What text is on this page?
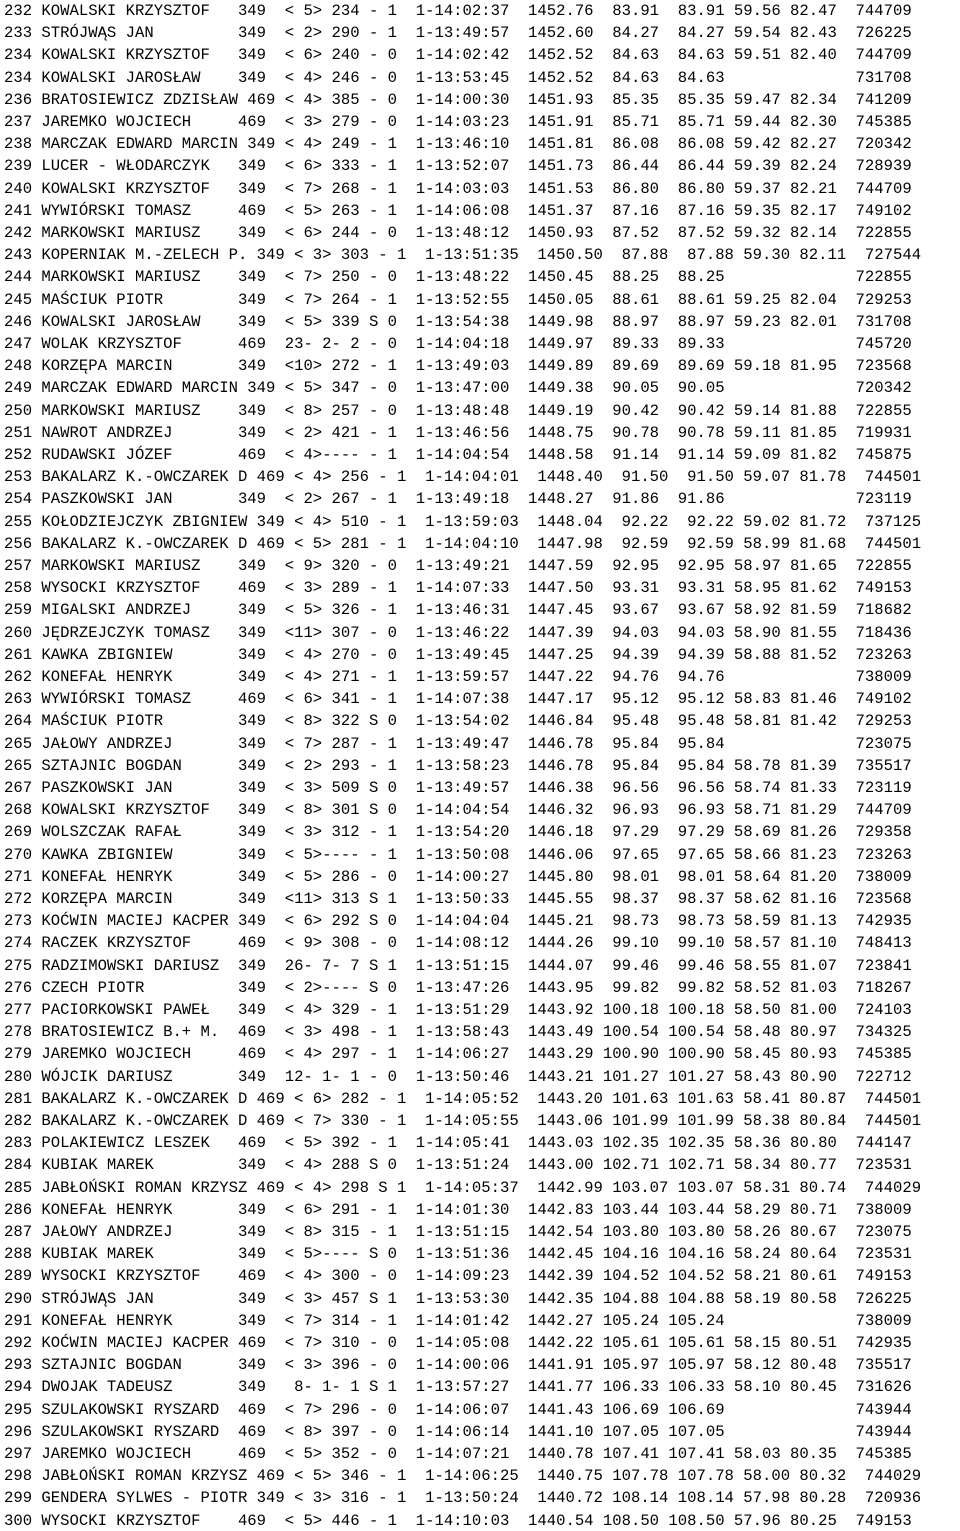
232 KOWALSKI KRZYSZTOF   349  < 5> 234 - 1  1-14:02:37  1452.76  83.91  83.91 59.56 82.47  744709
233 STRÓJWĄS JAN         349  < 2> 290 - 1  1-13:49:57  1452.60  84.27  84.27 59.54 82.43  726225
234 KOWALSKI KRZYSZTOF   349  < 6> 240 - 0  1-14:02:42  1452.52  84.63  84.63 59.51 82.40  744709
234 KOWALSKI JAROSŁAW    349  < 4> 246 - 0  1-13:53:45  1452.52  84.63  84.63              731708
236 BRATOSIEWICZ ZDZISŁAW 469 < 4> 385 - 0  1-14:00:30  1451.93  85.35  85.35 59.47 82.34  741209
237 JAREMKO WOJCIECH     469  < 3> 279 - 0  1-14:03:23  1451.91  85.71  85.71 59.44 82.30  745385
238 MARCZAK EDWARD MARCIN 349 < 4> 249 - 1  1-13:46:10  1451.81  86.08  86.08 59.42 82.27  720342
239 LUCER - WŁODARCZYK   349  < 6> 333 - 1  1-13:52:07  1451.73  86.44  86.44 59.39 82.24  728939
240 KOWALSKI KRZYSZTOF   349  < 7> 268 - 1  1-14:03:03  1451.53  86.80  86.80 59.37 82.21  744709
241 WYWIÓRSKI TOMASZ     469  < 5> 263 - 1  1-14:06:08  1451.37  87.16  87.16 59.35 82.17  749102
242 MARKOWSKI MARIUSZ    349  < 6> 244 - 0  1-13:48:12  1450.93  87.52  87.52 59.32 82.14  722855
243 KOPERNIAK M.-ZELECH P. 349 < 3> 303 - 1  1-13:51:35  1450.50  87.88  87.88 59.30 82.11  727544
244 MARKOWSKI MARIUSZ    349  < 7> 250 - 0  1-13:48:22  1450.45  88.25  88.25              722855
245 MAŚCIUK PIOTR        349  < 7> 264 - 1  1-13:52:55  1450.05  88.61  88.61 59.25 82.04  729253
246 KOWALSKI JAROSŁAW    349  < 5> 339 S 0  1-13:54:38  1449.98  88.97  88.97 59.23 82.01  731708
247 WOLAK KRZYSZTOF      469  23- 2- 2 - 0  1-14:04:18  1449.97  89.33  89.33              745720
248 KORZĘPA MARCIN       349  <10> 272 - 1  1-13:49:03  1449.89  89.69  89.69 59.18 81.95  723568
249 MARCZAK EDWARD MARCIN 349 < 5> 347 - 0  1-13:47:00  1449.38  90.05  90.05              720342
250 MARKOWSKI MARIUSZ    349  < 8> 257 - 0  1-13:48:48  1449.19  90.42  90.42 59.14 81.88  722855
251 NAWROT ANDRZEJ       349  < 2> 421 - 1  1-13:46:56  1448.75  90.78  90.78 59.11 81.85  719931
252 RUDAWSKI JÓZEF       469  < 4>---- - 1  1-14:04:54  1448.58  91.14  91.14 59.09 81.82  745875
253 BAKALARZ K.-OWCZAREK D 469 < 4> 256 - 1  1-14:04:01  1448.40  91.50  91.50 59.07 81.78  744501
254 PASZKOWSKI JAN       349  < 2> 267 - 1  1-13:49:18  1448.27  91.86  91.86              723119
255 KOŁODZIEJCZYK ZBIGNIEW 349 < 4> 510 - 1  1-13:59:03  1448.04  92.22  92.22 59.02 81.72  737125
256 BAKALARZ K.-OWCZAREK D 469 < 5> 281 - 1  1-14:04:10  1447.98  92.59  92.59 58.99 81.68  744501
257 MARKOWSKI MARIUSZ    349  < 9> 320 - 0  1-13:49:21  1447.59  92.95  92.95 58.97 81.65  722855
258 WYSOCKI KRZYSZTOF    469  < 3> 289 - 1  1-14:07:33  1447.50  93.31  93.31 58.95 81.62  749153
259 MIGALSKI ANDRZEJ     349  < 5> 326 - 1  1-13:46:31  1447.45  93.67  93.67 58.92 81.59  718682
260 JĘDRZEJCZYK TOMASZ   349  <11> 307 - 0  1-13:46:22  1447.39  94.03  94.03 58.90 81.55  718436
261 KAWKA ZBIGNIEW       349  < 4> 270 - 0  1-13:49:45  1447.25  94.39  94.39 58.88 81.52  723263
262 KONEFAŁ HENRYK       349  < 4> 271 - 1  1-13:59:57  1447.22  94.76  94.76              738009
263 WYWIÓRSKI TOMASZ     469  < 6> 341 - 1  1-14:07:38  1447.17  95.12  95.12 58.83 81.46  749102
264 MAŚCIUK PIOTR        349  < 8> 322 S 0  1-13:54:02  1446.84  95.48  95.48 58.81 81.42  729253
265 JAŁOWY ANDRZEJ       349  < 7> 287 - 1  1-13:49:47  1446.78  95.84  95.84              723075
265 SZTAJNIC BOGDAN      349  < 2> 293 - 1  1-13:58:23  1446.78  95.84  95.84 58.78 81.39  735517
267 PASZKOWSKI JAN       349  < 3> 509 S 0  1-13:49:57  1446.38  96.56  96.56 58.74 81.33  723119
268 KOWALSKI KRZYSZTOF   349  < 8> 301 S 0  1-14:04:54  1446.32  96.93  96.93 58.71 81.29  744709
269 WOLSZCZAK RAFAŁ      349  < 3> 312 - 1  1-13:54:20  1446.18  97.29  97.29 58.69 81.26  729358
270 KAWKA ZBIGNIEW       349  < 5>---- - 1  1-13:50:08  1446.06  97.65  97.65 58.66 81.23  723263
271 KONEFAŁ HENRYK       349  < 5> 286 - 0  1-14:00:27  1445.80  98.01  98.01 58.64 81.20  738009
272 KORZĘPA MARCIN       349  <11> 313 S 1  1-13:50:33  1445.55  98.37  98.37 58.62 81.16  723568
273 KOĆWIN MACIEJ KACPER 349  < 6> 292 S 0  1-14:04:04  1445.21  98.73  98.73 58.59 81.13  742935
274 RACZEK KRZYSZTOF     469  < 9> 308 - 0  1-14:08:12  1444.26  99.10  99.10 58.57 81.10  748413
275 RADZIMOWSKI DARIUSZ  349  26- 7- 7 S 1  1-13:51:15  1444.07  99.46  99.46 58.55 81.07  723841
276 CZECH PIOTR          349  < 2>---- S 0  1-13:47:26  1443.95  99.82  99.82 58.52 81.03  718267
277 PACIORKOWSKI PAWEŁ   349  < 4> 329 - 1  1-13:51:29  1443.92 100.18 100.18 58.50 81.00  724103
278 BRATOSIEWICZ B.+ M.  469  < 3> 498 - 1  1-13:58:43  1443.49 100.54 100.54 58.48 80.97  734325
279 JAREMKO WOJCIECH     469  < 4> 297 - 1  1-14:06:27  1443.29 100.90 100.90 58.45 80.93  745385
280 WÓJCIK DARIUSZ       349  12- 1- 1 - 0  1-13:50:46  1443.21 101.27 101.27 58.43 80.90  722712
281 BAKALARZ K.-OWCZAREK D 469 < 6> 282 - 1  1-14:05:52  1443.20 101.63 101.63 58.41 80.87  744501
282 BAKALARZ K.-OWCZAREK D 469 < 7> 330 - 1  1-14:05:55  1443.06 101.99 101.99 58.38 80.84  744501
283 POLAKIEWICZ LESZEK   469  < 5> 392 - 1  1-14:05:41  1443.03 102.35 102.35 58.36 80.80  744147
284 KUBIAK MAREK         349  < 4> 288 S 0  1-13:51:24  1443.00 102.71 102.71 58.34 80.77  723531
285 JABŁOŃSKI ROMAN KRZYSZ 469 < 4> 298 S 1  1-14:05:37  1442.99 103.07 103.07 58.31 80.74  744029
286 KONEFAŁ HENRYK       349  < 6> 291 - 1  1-14:01:30  1442.83 103.44 103.44 58.29 80.71  738009
287 JAŁOWY ANDRZEJ       349  < 8> 315 - 1  1-13:51:15  1442.54 103.80 103.80 58.26 80.67  723075
288 KUBIAK MAREK         349  < 5>---- S 0  1-13:51:36  1442.45 104.16 104.16 58.24 80.64  723531
289 WYSOCKI KRZYSZTOF    469  < 4> 300 - 0  1-14:09:23  1442.39 104.52 104.52 58.21 80.61  749153
290 STRÓJWĄS JAN         349  < 3> 457 S 1  1-13:53:30  1442.35 104.88 104.88 58.19 80.58  726225
291 KONEFAŁ HENRYK       349  < 7> 314 - 1  1-14:01:42  1442.27 105.24 105.24              738009
292 KOĆWIN MACIEJ KACPER 469  < 7> 310 - 0  1-14:05:08  1442.22 105.61 105.61 58.15 80.51  742935
293 SZTAJNIC BOGDAN      349  < 3> 396 - 0  1-14:00:06  1441.91 105.97 105.97 58.12 80.48  735517
294 DWOJAK TADEUSZ       349   8- 1- 1 S 1  1-13:57:27  1441.77 106.33 106.33 58.10 80.45  731626
295 SZULAKOWSKI RYSZARD  469  < 7> 296 - 0  1-14:06:07  1441.43 106.69 106.69              743944
296 SZULAKOWSKI RYSZARD  469  < 8> 397 - 0  1-14:06:14  1441.10 107.05 107.05              743944
297 JAREMKO WOJCIECH     469  < 5> 352 - 0  1-14:07:21  1440.78 107.41 107.41 58.03 80.35  745385
298 JABŁOŃSKI ROMAN KRZYSZ 469 < 5> 346 - 1  1-14:06:25  1440.75 107.78 107.78 58.00 80.32  744029
299 GENDERA SYLWES - PIOTR 349 < 3> 316 - 1  1-13:50:24  1440.72 108.14 108.14 57.98 80.28  720936
300 WYSOCKI KRZYSZTOF    469  < 5> 446 - 1  1-14:10:03  1440.54 108.50 108.50 57.96 80.25  749153
